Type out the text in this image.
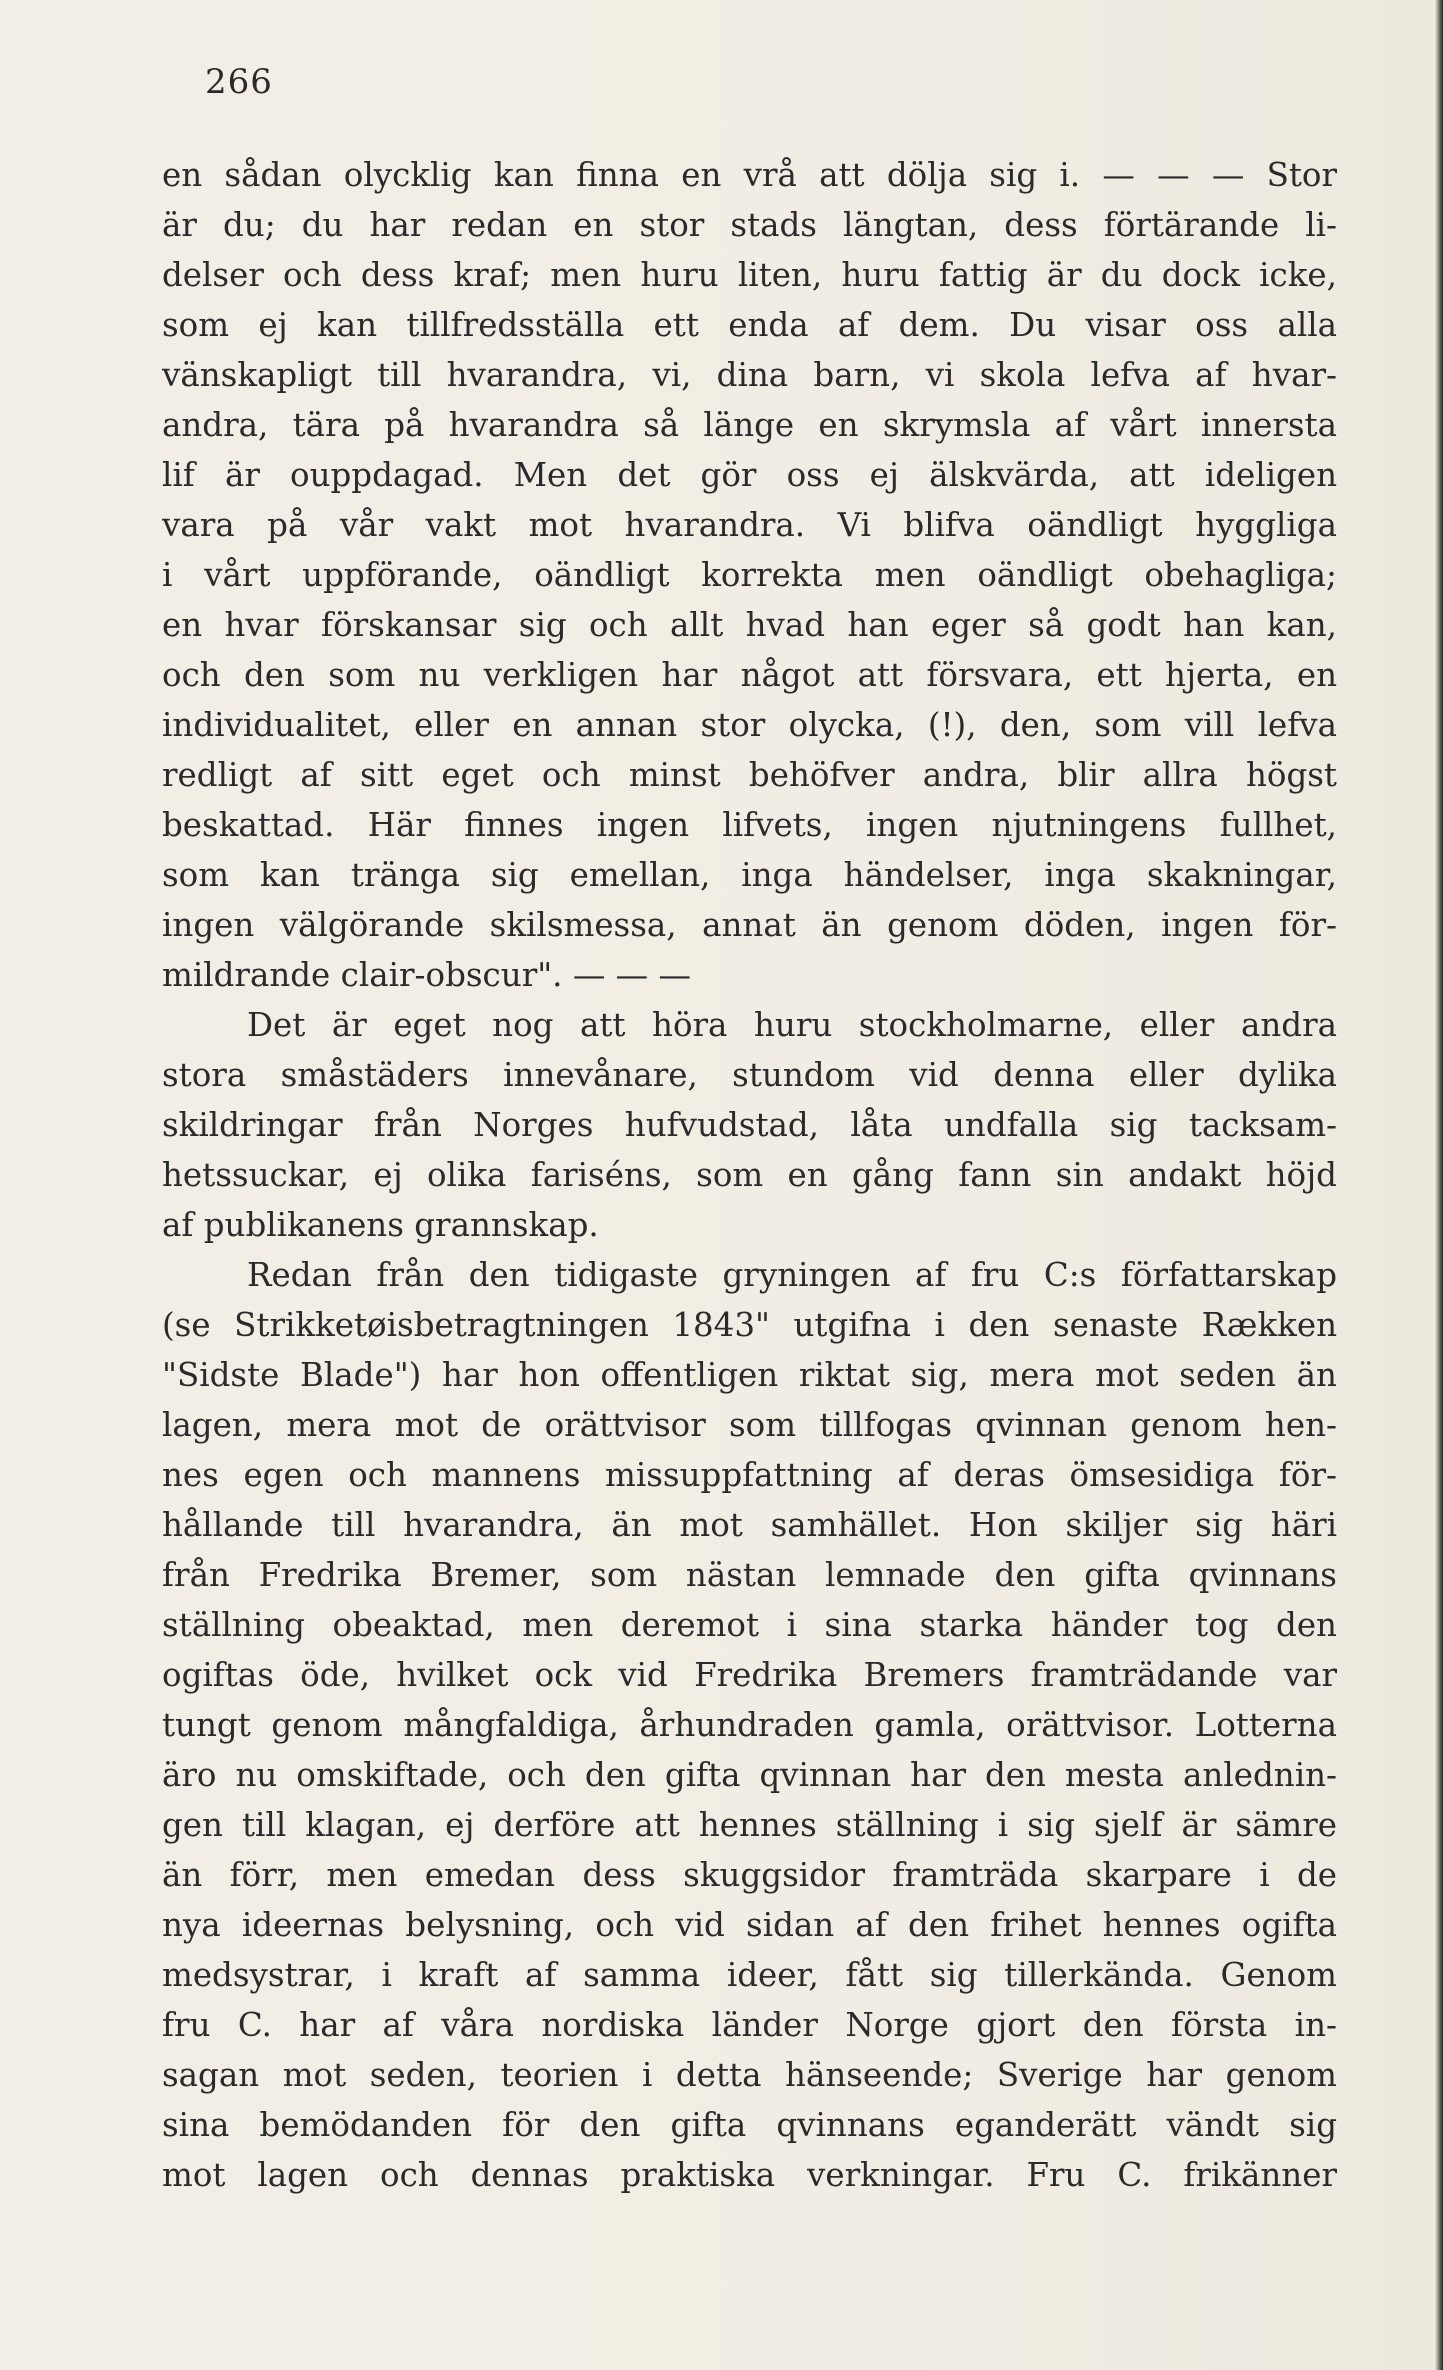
266
en sådan olycklig kan finna en vrå att dölja sig i. — — — Stor
är du; du har redan en stor stads längtan, dess förtärande li-
delser och dess kraf; men huru liten, huru fattig är du dock icke,
som ej kan tillfredsställa ett enda af dem. Du visar oss alla
vänskapligt till hvarandra, vi, dina barn, vi skola lefva af hvar-
andra, tära på hvarandra så länge en skrymsla af vårt innersta
lif är ouppdagad. Men det gör oss ej älskvärda, att ideligen
vara på vår vakt mot hvarandra. Vi blifva oändligt hyggliga
i vårt uppförande, oändligt korrekta men oändligt obehagliga;
en hvar förskansar sig och allt hvad han eger så godt han kan,
och den som nu verkligen har något att försvara, ett hjerta, en
individualitet, eller en annan stor olycka, (!), den, som vill lefva
redligt af sitt eget och minst behöfver andra, blir allra högst
beskattad. Här finnes ingen lifvets, ingen njutningens fullhet,
som kan tränga sig emellan, inga händelser, inga skakningar,
ingen välgörande skilsmessa, annat än genom döden, ingen för-
mildrande clair-obscur". — — —
Det är eget nog att höra huru stockholmarne, eller andra
stora småstäders innevånare, stundom vid denna eller dylika
skildringar från Norges hufvudstad, låta undfalla sig tacksam-
hetssuckar, ej olika fariséns, som en gång fann sin andakt höjd
af publikanens grannskap.
Redan från den tidigaste gryningen af fru C:s författarskap
(se Strikketøisbetragtningen 1843" utgifna i den senaste Rækken
"Sidste Blade") har hon offentligen riktat sig, mera mot seden än
lagen, mera mot de orättvisor som tillfogas qvinnan genom hen-
nes egen och mannens missuppfattning af deras ömsesidiga för-
hållande till hvarandra, än mot samhället. Hon skiljer sig häri
från Fredrika Bremer, som nästan lemnade den gifta qvinnans
ställning obeaktad, men deremot i sina starka händer tog den
ogiftas öde, hvilket ock vid Fredrika Bremers framträdande var
tungt genom mångfaldiga, århundraden gamla, orättvisor. Lotterna
äro nu omskiftade, och den gifta qvinnan har den mesta anlednin-
gen till klagan, ej derföre att hennes ställning i sig sjelf är sämre
än förr, men emedan dess skuggsidor framträda skarpare i de
nya ideernas belysning, och vid sidan af den frihet hennes ogifta
medsystrar, i kraft af samma ideer, fått sig tillerkända. Genom
fru C. har af våra nordiska länder Norge gjort den första in-
sagan mot seden, teorien i detta hänseende; Sverige har genom
sina bemödanden för den gifta qvinnans eganderätt vändt sig
mot lagen och dennas praktiska verkningar. Fru C. frikänner
